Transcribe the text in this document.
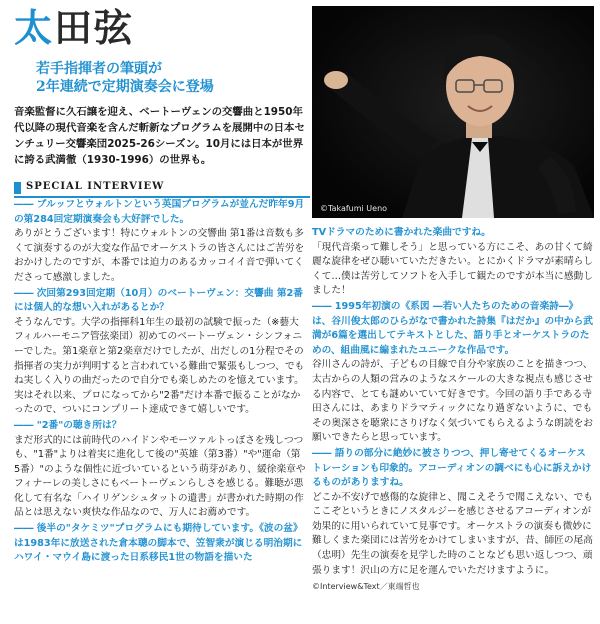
太田弦
若手指揮者の筆頭が
2年連続で定期演奏会に登場
音楽監督に久石譲を迎え、ベートーヴェンの交響曲と1950年代以降の現代音楽を含んだ斬新なプログラムを展開中の日本センチュリー交響楽団2025-26シーズン。10月には日本が世界に誇る武満徹（1930-1996）の世界も。
©Takafumi Ueno
SPECIAL INTERVIEW
―― ブルッフとウォルトンという英国プログラムが並んだ昨年9月の第284回定期演奏会も大好評でした。
ありがとうございます！特にウォルトンの交響曲 第1番は音数も多くて演奏するのが大変な作品でオーケストラの皆さんにはご苦労をおかけしたのですが、本番では迫力のあるカッコイイ音で弾いてくださって感激しました。
―― 次回第293回定期（10月）のベートーヴェン：交響曲 第2番には個人的な想い入れがあるとか？
そうなんです。大学の指揮科1年生の最初の試験で振った（※藝大フィルハーモニア管弦楽団）初めてのベートーヴェン・シンフォニーでした。第1楽章と第2楽章だけでしたが、出だしの1分程でその指揮者の実力が判明すると言われている難曲で緊張もしつつ、でもね実しく入りの曲だったので自分でも楽しめたのを憶えています。実はそれ以来、プロになってから"2番"だけ本番で振ることがなかったので、ついにコンプリート達成できて嬉しいです。
―― "2番"の聴き所は？
まだ形式的には前時代のハイドンやモーツァルトっぽさを残しつつも、"1番"よりは着実に進化して後の"英雄（第3番）"や"運命（第5番）"のような個性に近づいているという萌芽があり、緩徐楽章やフィナーレの美しさにもベートーヴェンらしさを感じる。難聴が悪化して有名な「ハイリゲンシュタットの遺書」が書かれた時期の作品とは思えない爽快な作品なので、万人にお薦めです。
―― 後半の"タケミツ"プログラムにも期待しています。《波の盆》は1983年に放送された倉本聰の脚本で、笠智衆が演じる明治期にハワイ・マウイ島に渡った日系移民1世の物語を描いた
TVドラマのために書かれた楽曲ですね。
「現代音楽って難しそう」と思っている方にこそ、あの甘くて綺麗な旋律をぜひ聴いていただきたい。とにかくドラマが素晴らしくて…僕は苦労してソフトを入手して観たのですが本当に感動しました！
―― 1995年初演の《系図 ―若い人たちのための音楽詩―》は、谷川俊太郎のひらがなで書かれた詩集『はだか』の中から武満が6篇を選出してテキストとした、語り手とオーケストラのための、組曲風に編まれたユニークな作品です。
谷川さんの詩が、子どもの目線で自分や家族のことを描きつつ、太古からの人類の営みのようなスケールの大きな視点も感じさせる内容で、とても謎めいていて好きです。今回の語り手である寺田さんには、あまりドラマティックになり過ぎないように、でもその奥深さを聴衆にさりげなく気づいてもらえるような朗読をお願いできたらと思っています。
―― 語りの部分に絶妙に被さりつつ、押し寄せてくるオーケストレーションも印象的。アコーディオンの調べにも心に訴えかけるものがありますね。
どこか不安げで感傷的な旋律と、聞こえそうで聞こえない、でもここぞというときにノスタルジーを感じさせるアコーディオンが効果的に用いられていて見事です。オーケストラの演奏も微妙に難しくまた楽団には苦労をかけてしまいますが、昔、師匠の尾高（忠明）先生の演奏を見学した時のことなども思い返しつつ、頑張ります！沢山の方に足を運んでいただけますように。
©Interview&Text／東端哲也
